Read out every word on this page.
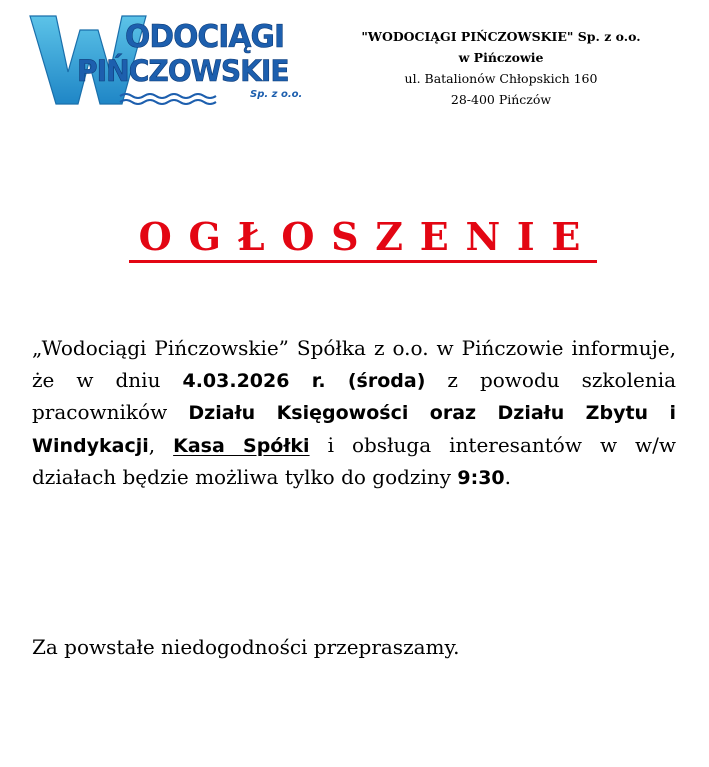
ODOCIĄGI
PIŃCZOWSKIE
Sp. z o.o.
"WODOCIĄGI PIŃCZOWSKIE" Sp. z o.o.
w Pińczowie
ul. Batalionów Chłopskich 160
28-400 Pińczów
OGŁOSZENIE
„Wodociągi Pińczowskie” Spółka z o.o. w Pińczowie informuje, że w dniu 4.03.2026 r. (środa) z powodu szkolenia pracowników Działu Księgowości oraz Działu Zbytu i Windykacji, Kasa Spółki i obsługa interesantów w w/w działach będzie możliwa tylko do godziny 9:30.
Za powstałe niedogodności przepraszamy.
